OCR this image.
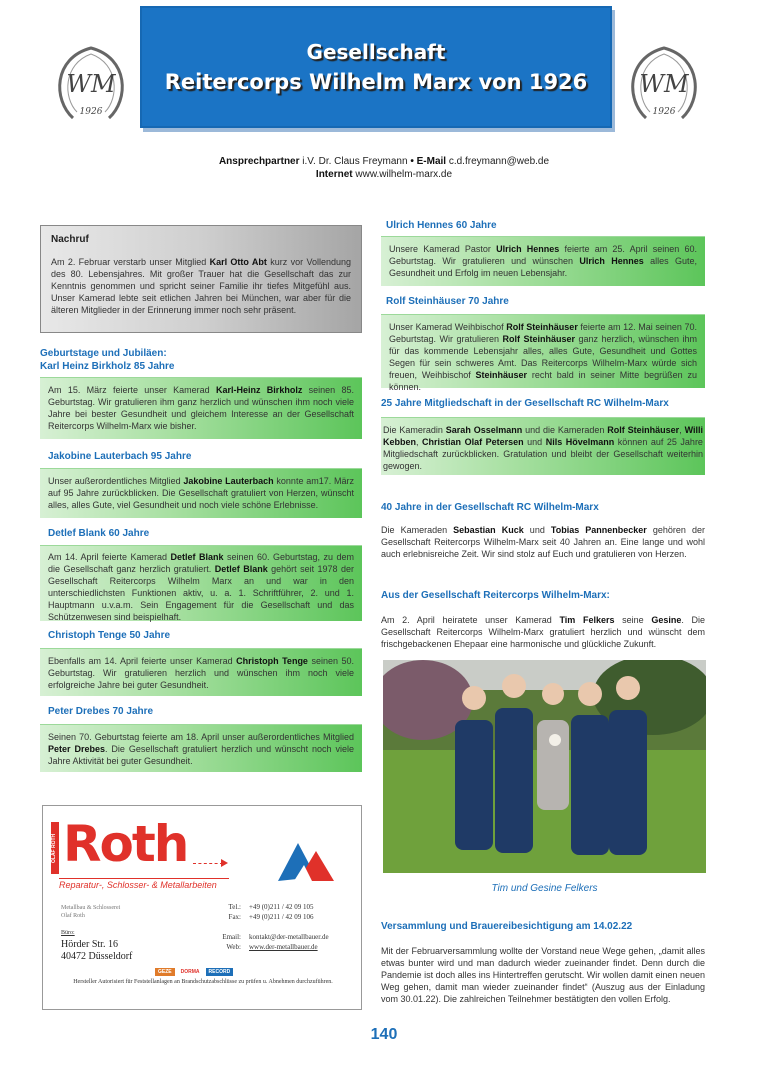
Gesellschaft
Reitercorps Wilhelm Marx von 1926
WM
1926
WM
1926
Ansprechpartner i.V. Dr. Claus Freymann • E-Mail c.d.freymann@web.de
Internet www.wilhelm-marx.de
Nachruf
Am 2. Februar verstarb unser Mitglied Karl Otto Abt kurz vor Vollendung des 80. Lebensjahres. Mit großer Trauer hat die Gesellschaft das zur Kenntnis genommen und spricht seiner Familie ihr tiefes Mitgefühl aus. Unser Kamerad lebte seit etlichen Jahren bei München, war aber für die älteren Mitglieder in der Erinnerung immer noch sehr präsent.
Geburtstage und Jubiläen:
Karl Heinz Birkholz 85 Jahre
Am 15. März feierte unser Kamerad Karl-Heinz Birkholz seinen 85. Geburtstag. Wir gratulieren ihm ganz herzlich und wünschen ihm noch viele Jahre bei bester Gesundheit und gleichem Interesse an der Gesellschaft Reitercorps Wilhelm-Marx wie bisher.
Jakobine Lauterbach 95 Jahre
Unser außerordentliches Mitglied Jakobine Lauterbach konnte am17. März auf 95 Jahre zurückblicken. Die Gesellschaft gratuliert von Herzen, wünscht alles, alles Gute, viel Gesundheit und noch viele schöne Erlebnisse.
Detlef Blank 60 Jahre
Am 14. April feierte Kamerad Detlef Blank seinen 60. Geburtstag, zu dem die Gesellschaft ganz herzlich gratuliert. Detlef Blank gehört seit 1978 der Gesellschaft Reitercorps Wilhelm Marx an und war in den unterschiedlichsten Funktionen aktiv, u. a. 1. Schriftführer, 2. und 1. Hauptmann u.v.a.m. Sein Engagement für die Gesellschaft und das Schützenwesen sind beispielhaft.
Christoph Tenge 50 Jahre
Ebenfalls am 14. April feierte unser Kamerad Christoph Tenge seinen 50. Geburtstag. Wir gratulieren herzlich und wünschen ihm noch viele erfolgreiche Jahre bei guter Gesundheit.
Peter Drebes 70 Jahre
Seinen 70. Geburtstag feierte am 18. April unser außerordentliches Mitglied Peter Drebes. Die Gesellschaft gratuliert herzlich und wünscht noch viele Jahre Aktivität bei guter Gesundheit.
OLAF ROTH Roth
Reparatur-, Schlosser- & Metallarbeiten
Metallbau & Schlosserei
Olaf Roth
Büro:
Hörder Str. 16
40472 Düsseldorf
Tel.: +49 (0)211 / 42 09 105
Fax: +49 (0)211 / 42 09 106
Email: kontakt@der-metallbauer.de
Web: www.der-metallbauer.de
GEZE	DORMA	RECORD
Hersteller Autorisiert für Feststellanlagen an Brandschutzabschlüsse zu prüfen u. Abnehmen durchzuführen.
Ulrich Hennes 60 Jahre
Unsere Kamerad Pastor Ulrich Hennes feierte am 25. April seinen 60. Geburtstag. Wir gratulieren und wünschen Ulrich Hennes alles Gute, Gesundheit und Erfolg im neuen Lebensjahr.
Rolf Steinhäuser 70 Jahre
Unser Kamerad Weihbischof Rolf Steinhäuser feierte am 12. Mai seinen 70. Geburtstag. Wir gratulieren Rolf Steinhäuser ganz herzlich, wünschen ihm für das kommende Lebensjahr alles, alles Gute, Gesundheit und Gottes Segen für sein schweres Amt. Das Reitercorps Wilhelm-Marx würde sich freuen, Weihbischof Steinhäuser recht bald in seiner Mitte begrüßen zu können.
25 Jahre Mitgliedschaft in der Gesellschaft RC Wilhelm-Marx
Die Kameradin Sarah Osselmann und die Kameraden Rolf Steinhäuser, Willi Kebben, Christian Olaf Petersen und Nils Hövelmann können auf 25 Jahre Mitgliedschaft zurückblicken. Gratulation und bleibt der Gesellschaft weiterhin gewogen.
40 Jahre in der Gesellschaft RC Wilhelm-Marx
Die Kameraden Sebastian Kuck und Tobias Pannenbecker gehören der Gesellschaft Reitercorps Wilhelm-Marx seit 40 Jahren an. Eine lange und wohl auch erlebnisreiche Zeit. Wir sind stolz auf Euch und gratulieren von Herzen.
Aus der Gesellschaft Reitercorps Wilhelm-Marx:
Am 2. April heiratete unser Kamerad Tim Felkers seine Gesine. Die Gesellschaft Reitercorps Wilhelm-Marx gratuliert herzlich und wünscht dem frischgebackenen Ehepaar eine harmonische und glückliche Zukunft.
Tim und Gesine Felkers
Versammlung und Brauereibesichtigung am 14.02.22
Mit der Februarversammlung wollte der Vorstand neue Wege gehen, „damit alles etwas bunter wird und man dadurch wieder zueinander findet. Denn durch die Pandemie ist doch alles ins Hintertreffen gerutscht. Wir wollen damit einen neuen Weg gehen, damit man wieder zueinander findet“ (Auszug aus der Einladung vom 30.01.22). Die zahlreichen Teilnehmer bestätigten den vollen Erfolg.
140
